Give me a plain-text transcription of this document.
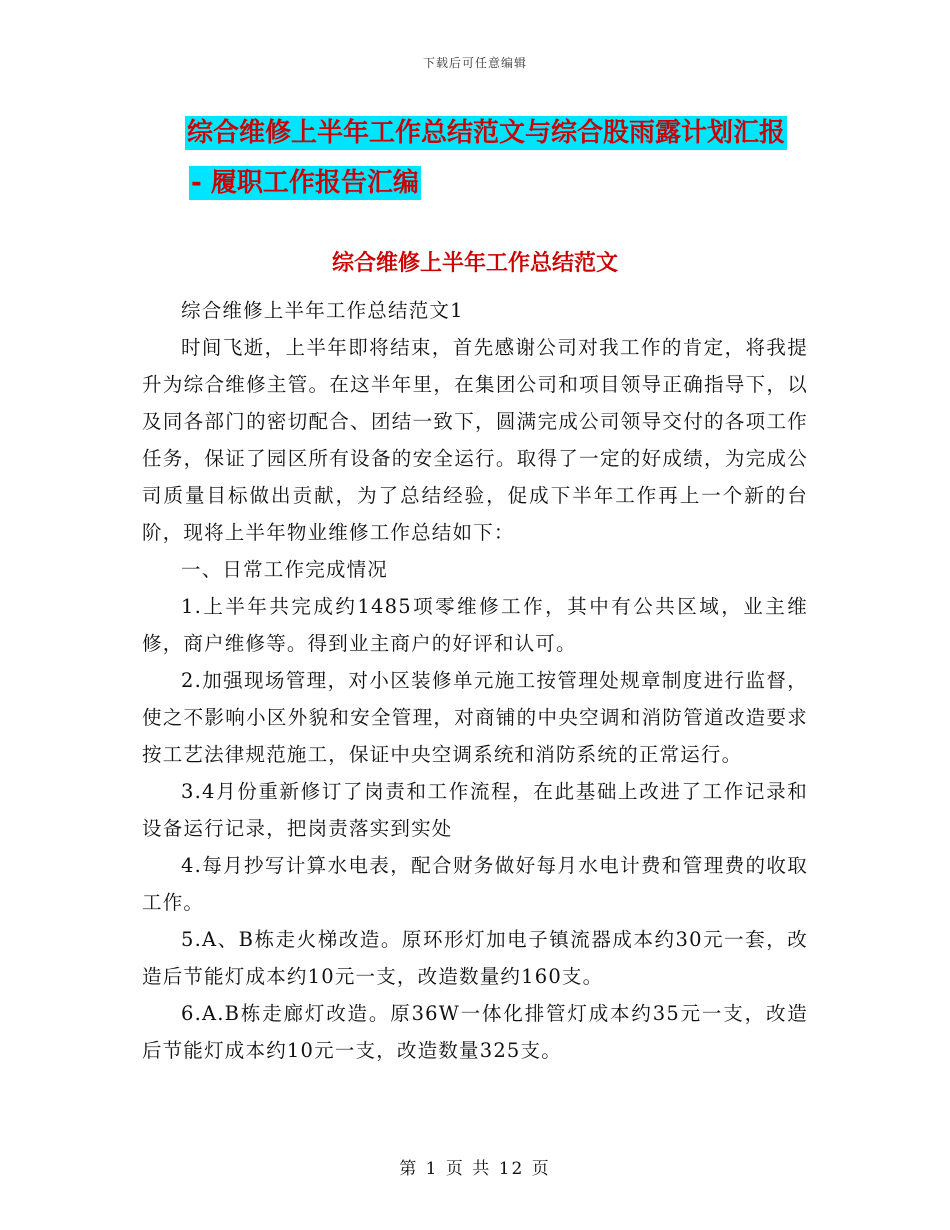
下载后可任意编辑
综合维修上半年工作总结范文与综合股雨露计划汇报
- 履职工作报告汇编
综合维修上半年工作总结范文

综合维修上半年工作总结范文1

时间飞逝，上半年即将结束，首先感谢公司对我工作的肯定，将我提升为综合维修主管。在这半年里，在集团公司和项目领导正确指导下，以及同各部门的密切配合、团结一致下，圆满完成公司领导交付的各项工作任务，保证了园区所有设备的安全运行。取得了一定的好成绩，为完成公司质量目标做出贡献，为了总结经验，促成下半年工作再上一个新的台阶，现将上半年物业维修工作总结如下：

一、日常工作完成情况

1.上半年共完成约1485项零维修工作，其中有公共区域，业主维修，商户维修等。得到业主商户的好评和认可。

2.加强现场管理，对小区装修单元施工按管理处规章制度进行监督，使之不影响小区外貌和安全管理，对商铺的中央空调和消防管道改造要求按工艺法律规范施工，保证中央空调系统和消防系统的正常运行。

3.4月份重新修订了岗责和工作流程，在此基础上改进了工作记录和设备运行记录，把岗责落实到实处

4.每月抄写计算水电表，配合财务做好每月水电计费和管理费的收取工作。

5.A、B栋走火梯改造。原环形灯加电子镇流器成本约30元一套，改造后节能灯成本约10元一支，改造数量约160支。

6.A.B栋走廊灯改造。原36W一体化排管灯成本约35元一支，改造后节能灯成本约10元一支，改造数量325支。

第 1 页 共 12 页
